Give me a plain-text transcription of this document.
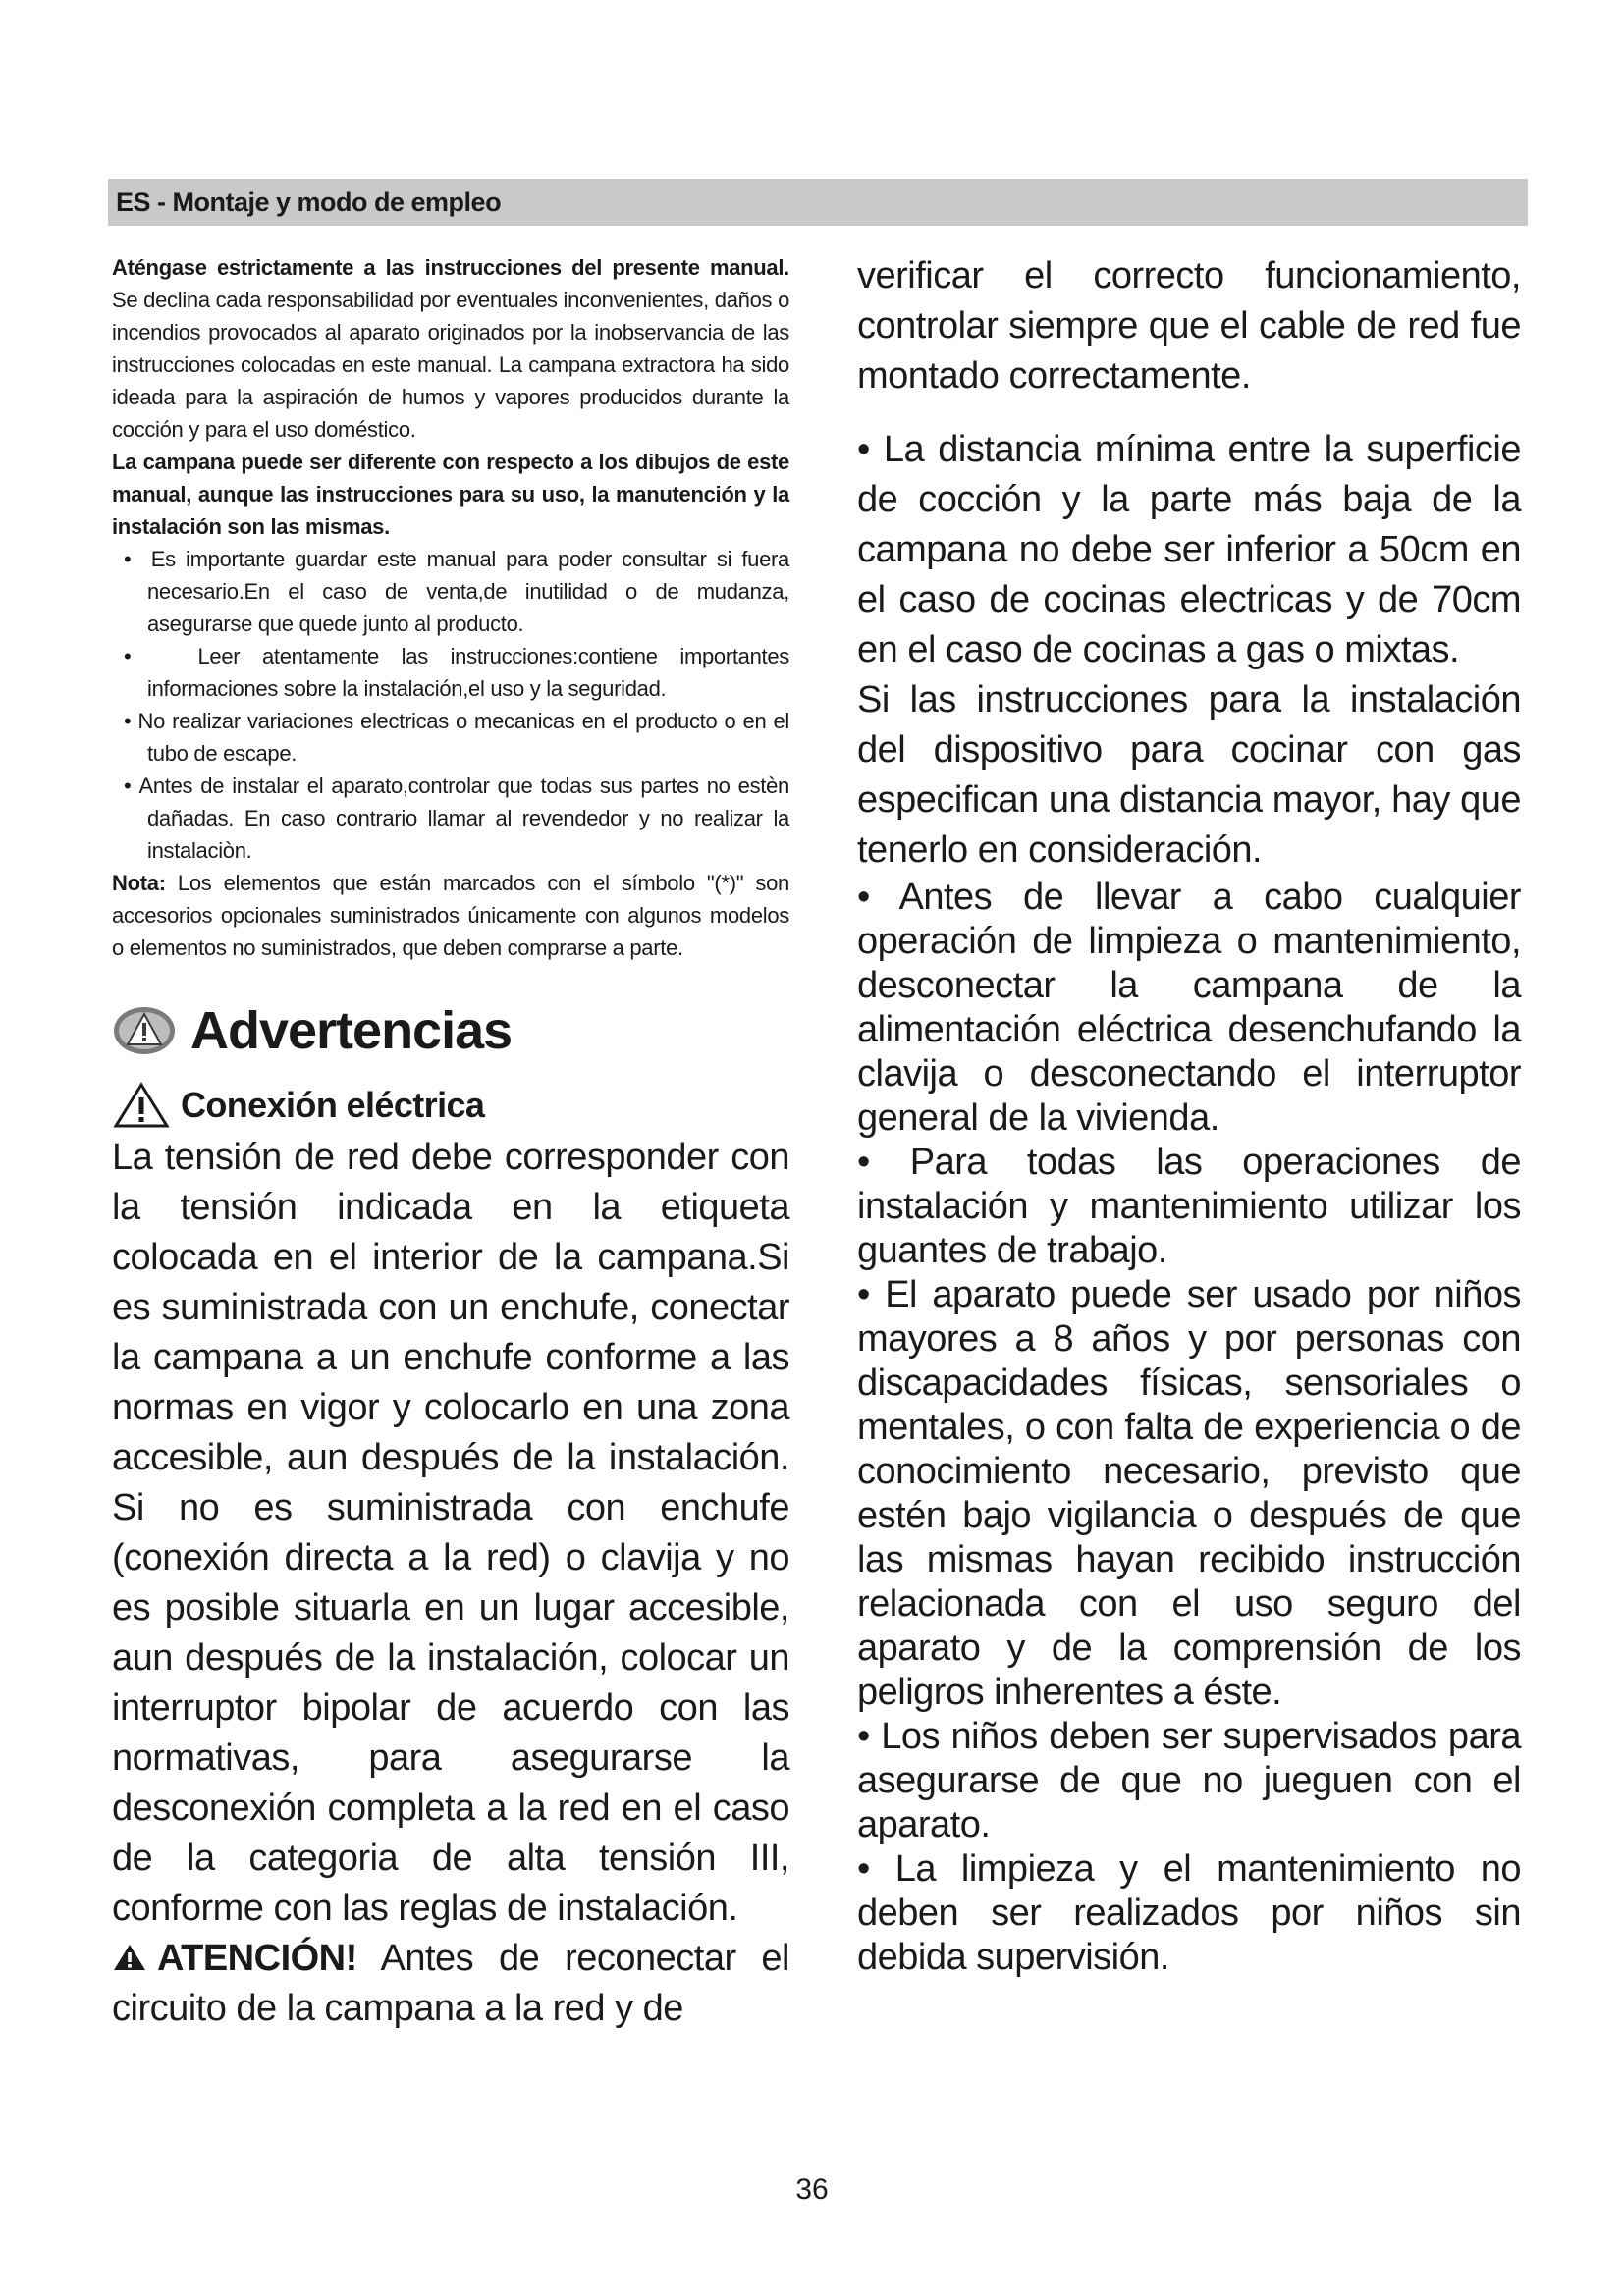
ES - Montaje y modo de empleo

Aténgase estrictamente a las instrucciones del presente manual. Se declina cada responsabilidad por eventuales inconvenientes, daños o incendios provocados al aparato originados por la inobservancia de las instrucciones colocadas en este manual. La campana extractora ha sido ideada para la aspiración de humos y vapores producidos durante la cocción y para el uso doméstico.

La campana puede ser diferente con respecto a los dibujos de este manual, aunque las instrucciones para su uso, la manutención y la instalación son las mismas.

•  Es importante guardar este manual para poder consultar si fuera necesario.En el caso de venta,de inutilidad o de mudanza, asegurarse que quede junto al producto.

•   Leer atentamente las instrucciones:contiene importantes informaciones sobre la instalación,el uso y la seguridad.

• No realizar variaciones electricas o mecanicas en el producto o en el tubo de escape.

• Antes de instalar el aparato,controlar que todas sus partes no estèn dañadas. En caso contrario llamar al revendedor y no realizar la instalaciòn.

Nota: Los elementos que están marcados con el símbolo "(*)" son accesorios opcionales suministrados únicamente con algunos modelos o elementos no suministrados, que deben comprarse a parte.

Advertencias
Conexión eléctrica

La tensión de red debe corresponder con la tensión indicada en la etiqueta colocada en el interior de la campana.Si es suministrada con un enchufe, conectar la campana a un enchufe conforme a las normas en vigor y colocarlo en una zona accesible, aun después de la instalación. Si no es suministrada con enchufe (conexión directa a la red) o clavija y no es posible situarla en un lugar accesible, aun después de la instalación, colocar un interruptor bipolar de acuerdo con las normativas, para asegurarse la desconexión completa a la red en el caso de la categoria de alta tensión III, conforme con las reglas de instalación.

ATENCIÓN! Antes de reconectar el circuito de la campana a la red y de

verificar el correcto funcionamiento, controlar siempre que el cable de red fue montado correctamente.

• La distancia mínima entre la superficie de cocción y la parte más baja de la campana no debe ser inferior a 50cm en el caso de cocinas electricas y de 70cm en el caso de cocinas a gas o mixtas.

Si las instrucciones para la instalación del dispositivo para cocinar con gas especifican una distancia mayor, hay que tenerlo en consideración.

• Antes de llevar a cabo cualquier operación de limpieza o mantenimiento, desconectar la campana de la alimentación eléctrica desenchufando la clavija o desconectando el interruptor general de la vivienda.

• Para todas las operaciones de instalación y mantenimiento utilizar los guantes de trabajo.

• El aparato puede ser usado por niños mayores a 8 años y por personas con discapacidades físicas, sensoriales o mentales, o con falta de experiencia o de conocimiento necesario, previsto que estén bajo vigilancia o después de que las mismas hayan recibido instrucción relacionada con el uso seguro del aparato y de la comprensión de los peligros inherentes a éste.

• Los niños deben ser supervisados para asegurarse de que no jueguen con el aparato.

• La limpieza y el mantenimiento no deben ser realizados por niños sin debida supervisión.

36
